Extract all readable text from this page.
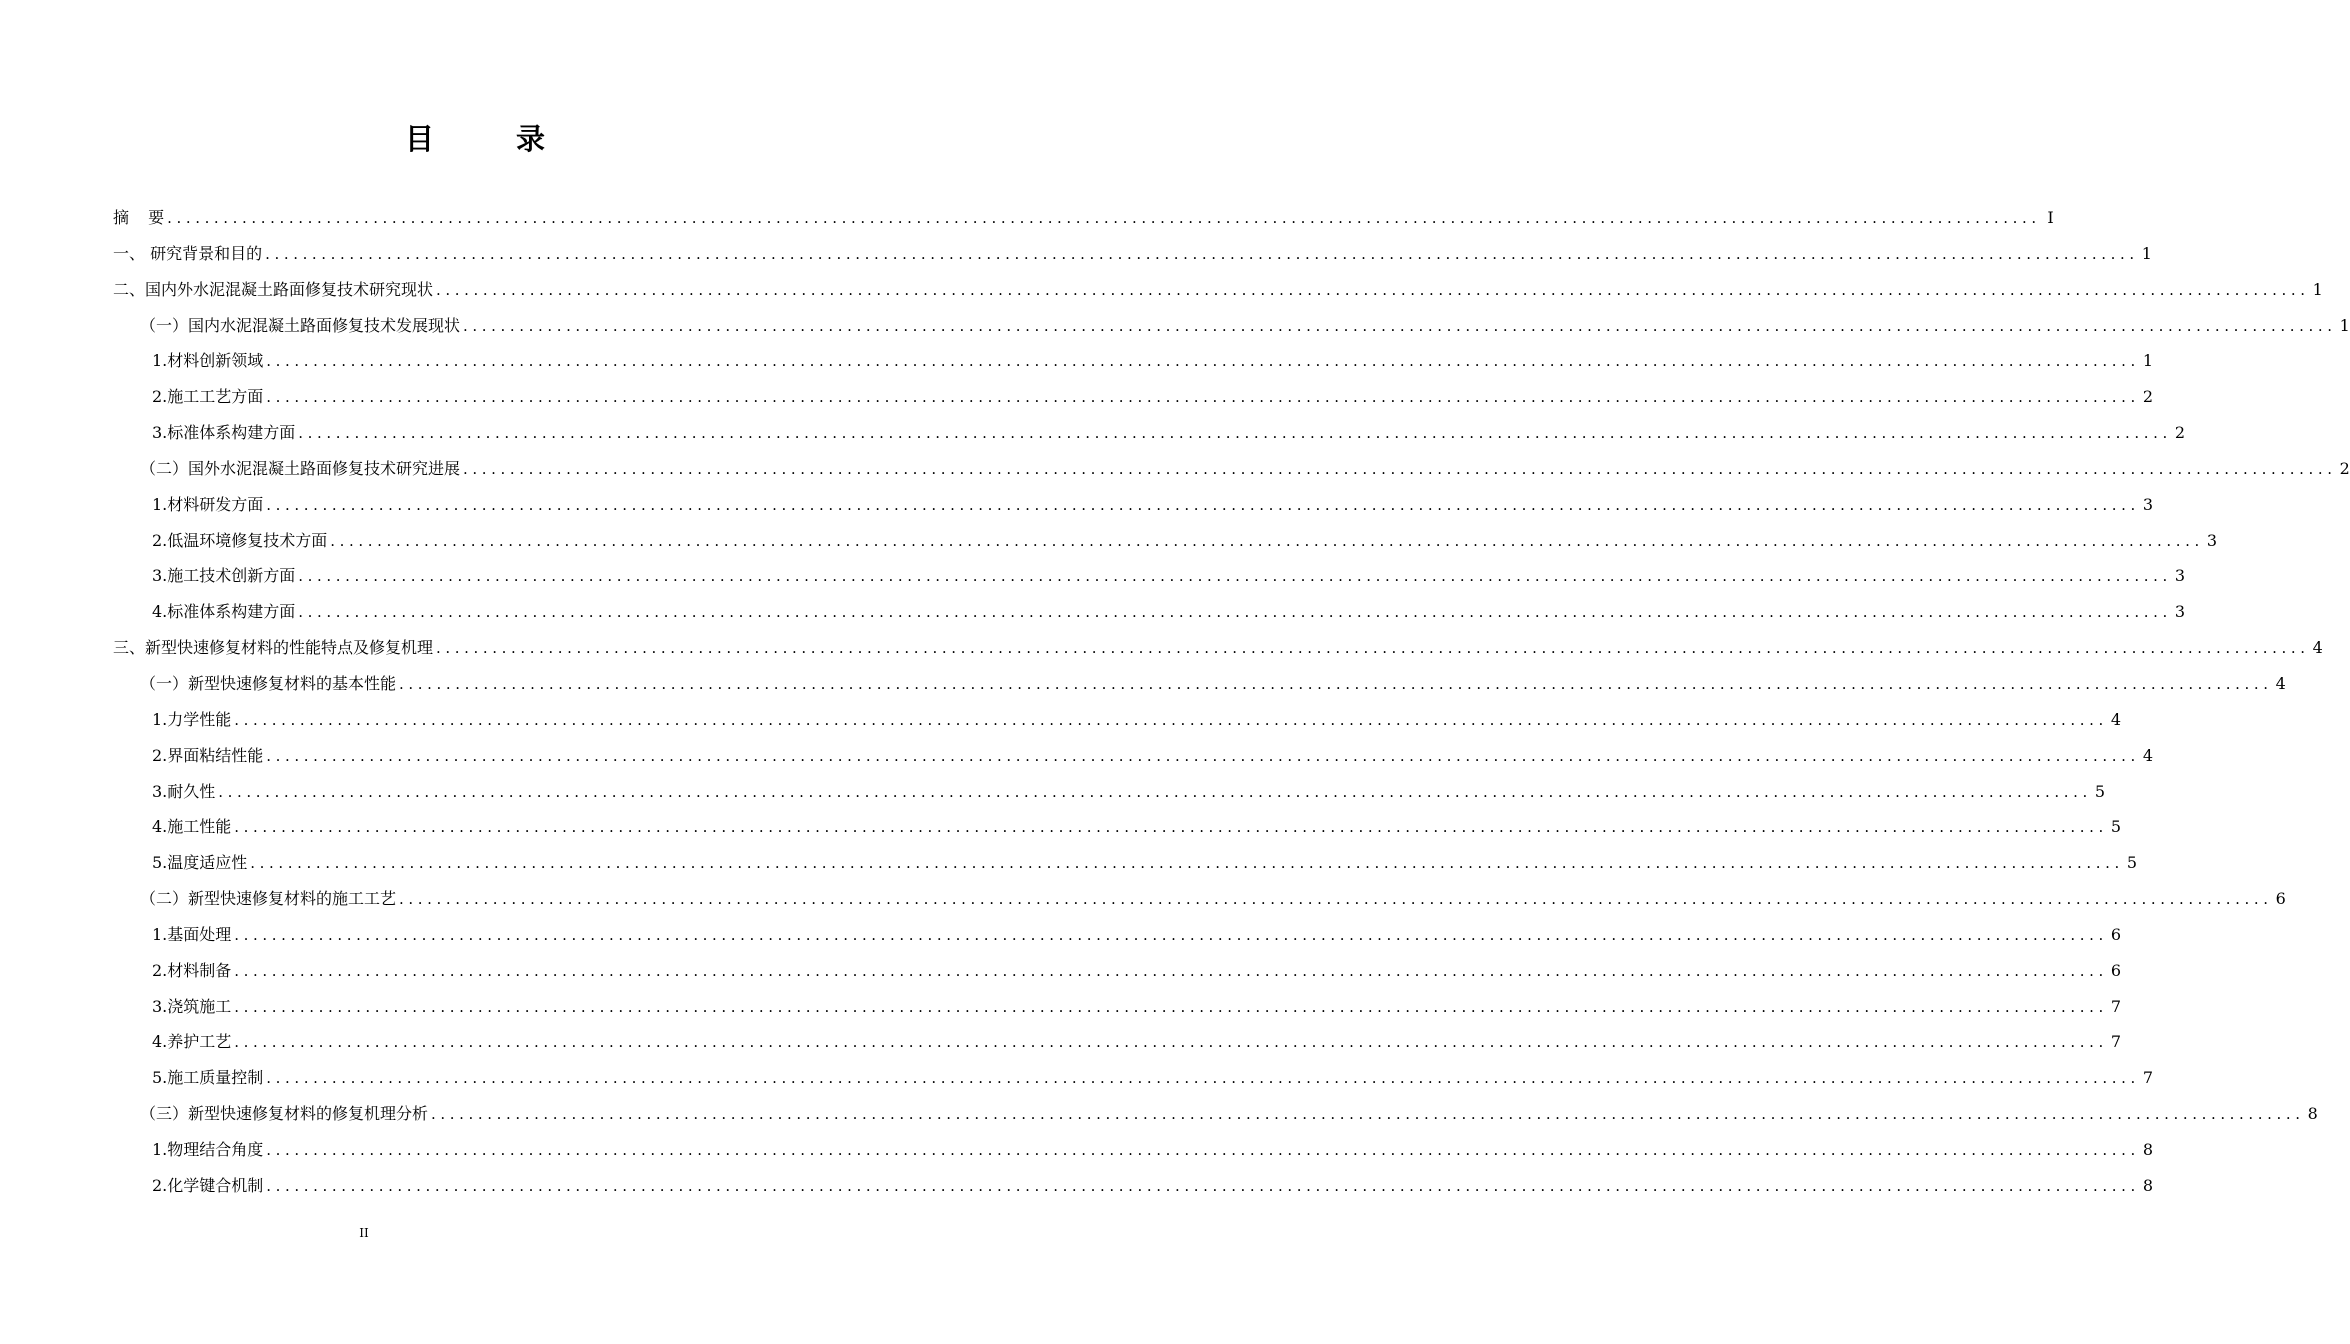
目 录
摘 要 ........................................................................................................................................................................................................ I
一、 研究背景和目的 ........................................................................................................................................................................................................ 1
二、国内外水泥混凝土路面修复技术研究现状 ........................................................................................................................................................................................................ 1
（一）国内水泥混凝土路面修复技术发展现状 ........................................................................................................................................................................................................ 1
1.材料创新领域 ........................................................................................................................................................................................................ 1
2.施工工艺方面 ........................................................................................................................................................................................................ 2
3.标准体系构建方面 ........................................................................................................................................................................................................ 2
（二）国外水泥混凝土路面修复技术研究进展 ........................................................................................................................................................................................................ 2
1.材料研发方面 ........................................................................................................................................................................................................ 3
2.低温环境修复技术方面 ........................................................................................................................................................................................................ 3
3.施工技术创新方面 ........................................................................................................................................................................................................ 3
4.标准体系构建方面 ........................................................................................................................................................................................................ 3
三、新型快速修复材料的性能特点及修复机理 ........................................................................................................................................................................................................ 4
（一）新型快速修复材料的基本性能 ........................................................................................................................................................................................................ 4
1.力学性能 ........................................................................................................................................................................................................ 4
2.界面粘结性能 ........................................................................................................................................................................................................ 4
3.耐久性 ........................................................................................................................................................................................................ 5
4.施工性能 ........................................................................................................................................................................................................ 5
5.温度适应性 ........................................................................................................................................................................................................ 5
（二）新型快速修复材料的施工工艺 ........................................................................................................................................................................................................ 6
1.基面处理 ........................................................................................................................................................................................................ 6
2.材料制备 ........................................................................................................................................................................................................ 6
3.浇筑施工 ........................................................................................................................................................................................................ 7
4.养护工艺 ........................................................................................................................................................................................................ 7
5.施工质量控制 ........................................................................................................................................................................................................ 7
（三）新型快速修复材料的修复机理分析 ........................................................................................................................................................................................................ 8
1.物理结合角度 ........................................................................................................................................................................................................ 8
2.化学键合机制 ........................................................................................................................................................................................................ 8
II
